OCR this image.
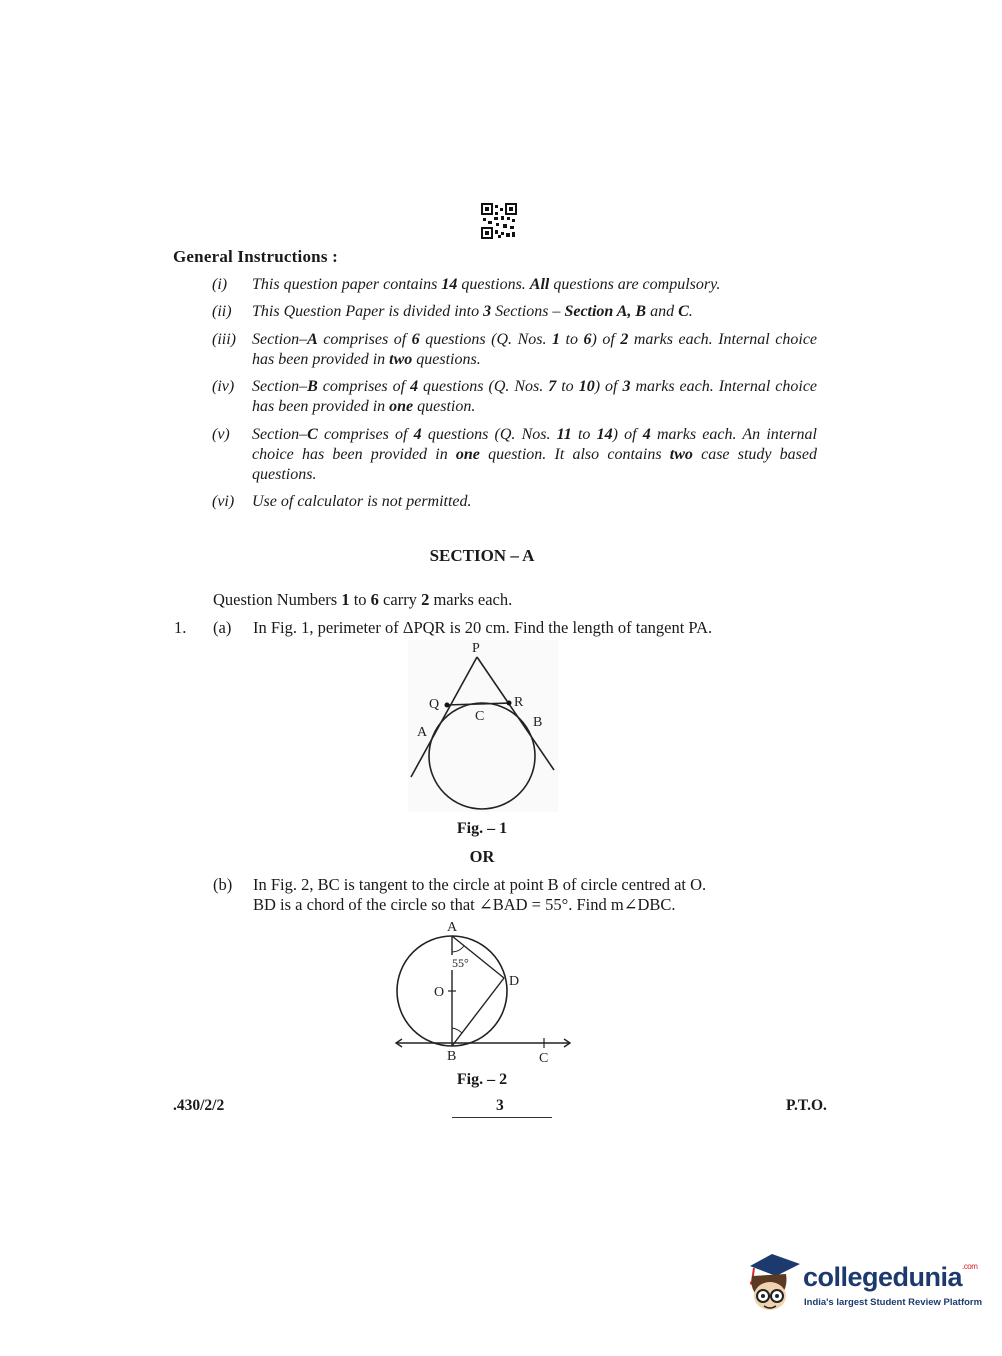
General Instructions :
(i)	This question paper contains 14 questions. All questions are compulsory.
(ii)	This Question Paper is divided into 3 Sections – Section A, B and C.
(iii)	Section–A comprises of 6 questions (Q. Nos. 1 to 6) of 2 marks each. Internal choice has been provided in two questions.
(iv)	Section–B comprises of 4 questions (Q. Nos. 7 to 10) of 3 marks each. Internal choice has been provided in one question.
(v)	Section–C comprises of 4 questions (Q. Nos. 11 to 14) of 4 marks each. An internal choice has been provided in one question. It also contains two case study based questions.
(vi)	Use of calculator is not permitted.
SECTION – A
Question Numbers 1 to 6 carry 2 marks each.
1. (a) In Fig. 1, perimeter of ΔPQR is 20 cm. Find the length of tangent PA.
P
Q	R
C
A
B
Fig. – 1
OR
(b) In Fig. 2, BC is tangent to the circle at point B of circle centred at O.
BD is a chord of the circle so that ∠BAD = 55°. Find m∠DBC.
55°
A
O
D
B	C
Fig. – 2
.430/2/2	3	P.T.O.
collegedunia$^{.com}$
India's largest Student Review Platform
